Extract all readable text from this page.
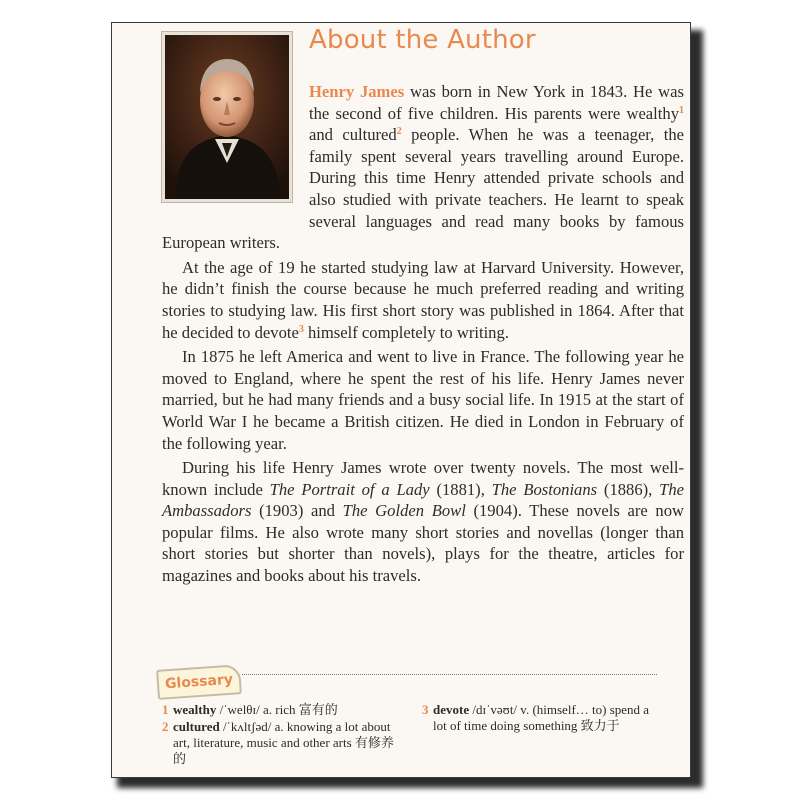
About the Author

Henry James was born in New York in 1843. He was the second of five children. His parents were wealthy$^1$ and cultured$^2$ people. When he was a teenager, the family spent several years travelling around Europe. During this time Henry attended private schools and also studied with private teachers. He learnt to speak several languages and read many books by famous European writers.

At the age of 19 he started studying law at Harvard University. However, he didn’t finish the course because he much preferred reading and writing stories to studying law. His first short story was published in 1864. After that he decided to devote$^3$ himself completely to writing.

In 1875 he left America and went to live in France. The following year he moved to England, where he spent the rest of his life. Henry James never married, but he had many friends and a busy social life. In 1915 at the start of World War I he became a British citizen. He died in London in February of the following year.

During his life Henry James wrote over twenty novels. The most well-known include The Portrait of a Lady (1881), The Bostonians (1886), The Ambassadors (1903) and The Golden Bowl (1904). These novels are now popular films. He also wrote many short stories and novellas (longer than short stories but shorter than novels), plays for the theatre, articles for magazines and books about his travels.

Glossary
1 wealthy /ˈwelθɪ/ a. rich 富有的
2 cultured /ˈkʌltʃəd/ a. knowing a lot about art, literature, music and other arts 有修养的
3 devote /dɪˈvəʊt/ v. (himself… to) spend a lot of time doing something 致力于
